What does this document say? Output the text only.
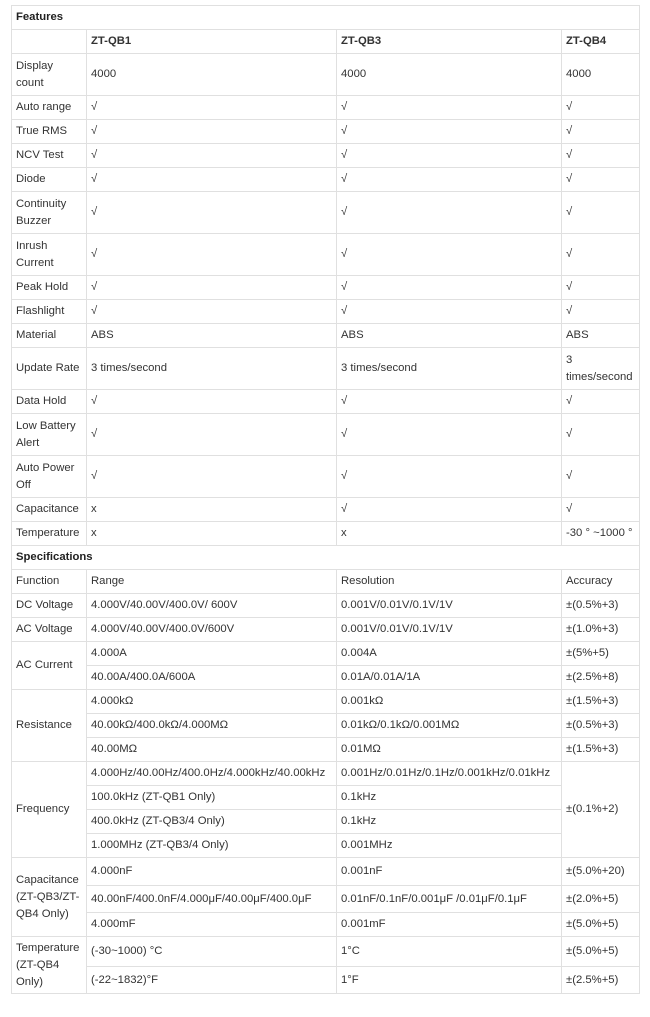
Features			
	ZT-QB1	ZT-QB3	ZT-QB4
Display count	4000	4000	4000
Auto range	√	√	√
True RMS	√	√	√
NCV Test	√	√	√
Diode	√	√	√
Continuity Buzzer	√	√	√
Inrush Current	√	√	√
Peak Hold	√	√	√
Flashlight	√	√	√
Material	ABS	ABS	ABS
Update Rate	3 times/second	3 times/second	3 times/second
Data Hold	√	√	√
Low Battery Alert	√	√	√
Auto Power Off	√	√	√
Capacitance	x	√	√
Temperature	x	x	-30 ° ~1000 °
Specifications			
Function	Range	Resolution	Accuracy
DC Voltage	4.000V/40.00V/400.0V/ 600V	0.001V/0.01V/0.1V/1V	±(0.5%+3)
AC Voltage	4.000V/40.00V/400.0V/600V	0.001V/0.01V/0.1V/1V	±(1.0%+3)
AC Current	4.000A	0.004A	±(5%+5)
	40.00A/400.0A/600A	0.01A/0.01A/1A	±(2.5%+8)
Resistance	4.000kΩ	0.001kΩ	±(1.5%+3)
	40.00kΩ/400.0kΩ/4.000MΩ	0.01kΩ/0.1kΩ/0.001MΩ	±(0.5%+3)
	40.00MΩ	0.01MΩ	±(1.5%+3)
Frequency	4.000Hz/40.00Hz/400.0Hz/4.000kHz/40.00kHz	0.001Hz/0.01Hz/0.1Hz/0.001kHz/0.01kHz	±(0.1%+2)
	100.0kHz (ZT-QB1 Only)	0.1kHz	
	400.0kHz (ZT-QB3/4 Only)	0.1kHz	
	1.000MHz (ZT-QB3/4 Only)	0.001MHz	
Capacitance
(ZT-QB3/ZT-QB4 Only)	4.000nF	0.001nF	±(5.0%+20)
	40.00nF/400.0nF/4.000μF/40.00μF/400.0μF	0.01nF/0.1nF/0.001μF /0.01μF/0.1μF	±(2.0%+5)
	4.000mF	0.001mF	±(5.0%+5)
Temperature
(ZT-QB4 Only)	(-30~1000) °C	1°C	±(5.0%+5)
	(-22~1832)°F	1°F	±(2.5%+5)
